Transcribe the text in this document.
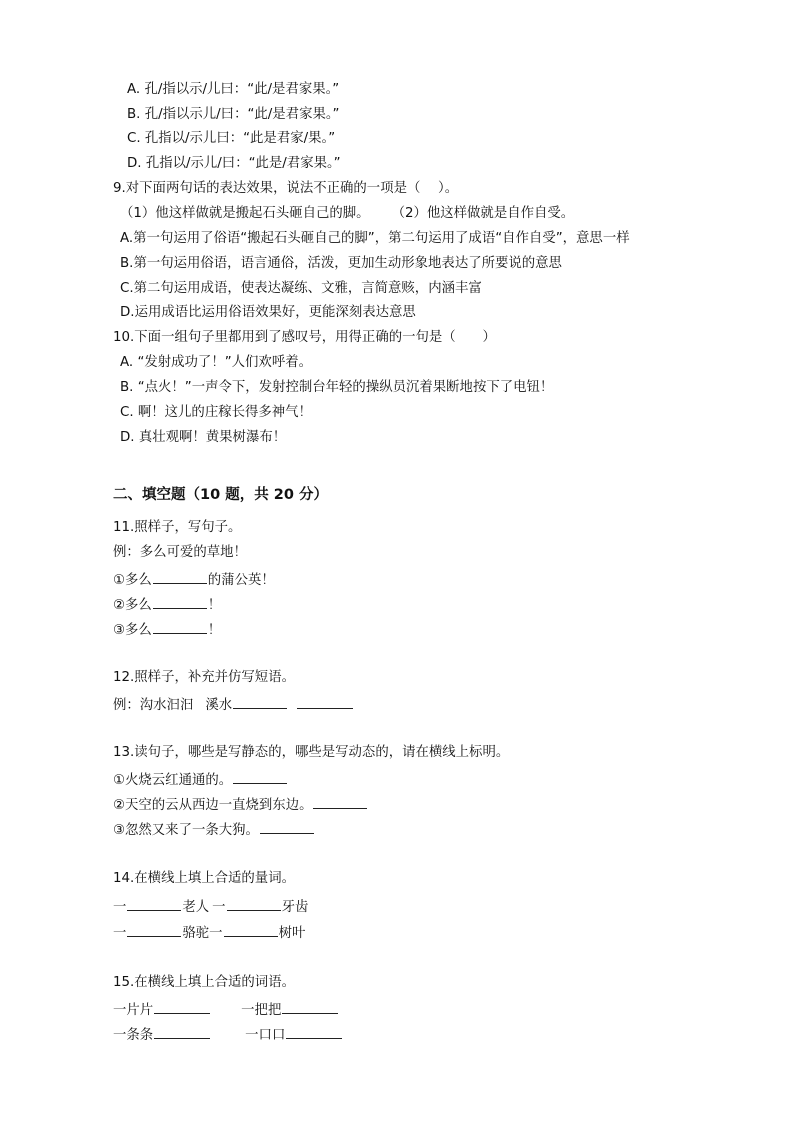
A. 孔/指以示/儿曰：“此/是君家果。”
B. 孔/指以示儿/曰：“此/是君家果。”
C. 孔指以/示儿曰：“此是君家/果。”
D. 孔指以/示儿/曰：“此是/君家果。”
9.对下面两句话的表达效果，说法不正确的一项是（　 ）。
（1）他这样做就是搬起石头砸自己的脚。 （2）他这样做就是自作自受。
A.第一句运用了俗语“搬起石头砸自己的脚”，第二句运用了成语“自作自受”，意思一样
B.第一句运用俗语，语言通俗，活泼，更加生动形象地表达了所要说的意思
C.第二句运用成语，使表达凝练、文雅，言简意赅，内涵丰富
D.运用成语比运用俗语效果好，更能深刻表达意思
10.下面一组句子里都用到了感叹号，用得正确的一句是（　　）
A. “发射成功了！”人们欢呼着。
B. “点火！”一声令下，发射控制台年轻的操纵员沉着果断地按下了电钮！
C. 啊！这儿的庄稼长得多神气！
D. 真壮观啊！黄果树瀑布！
二、填空题（10 题，共 20 分）
11.照样子，写句子。
例：多么可爱的草地！
①多么	的蒲公英！
②多么	！
③多么	！
12.照样子，补充并仿写短语。
例：沟水汩汩 溪水
13.读句子，哪些是写静态的，哪些是写动态的，请在横线上标明。
①火烧云红通通的。
②天空的云从西边一直烧到东边。
③忽然又来了一条大狗。
14.在横线上填上合适的量词。
一	老人 一	牙齿
一	骆驼一	树叶
15.在横线上填上合适的词语。
一片片	一把把
一条条	一口口
